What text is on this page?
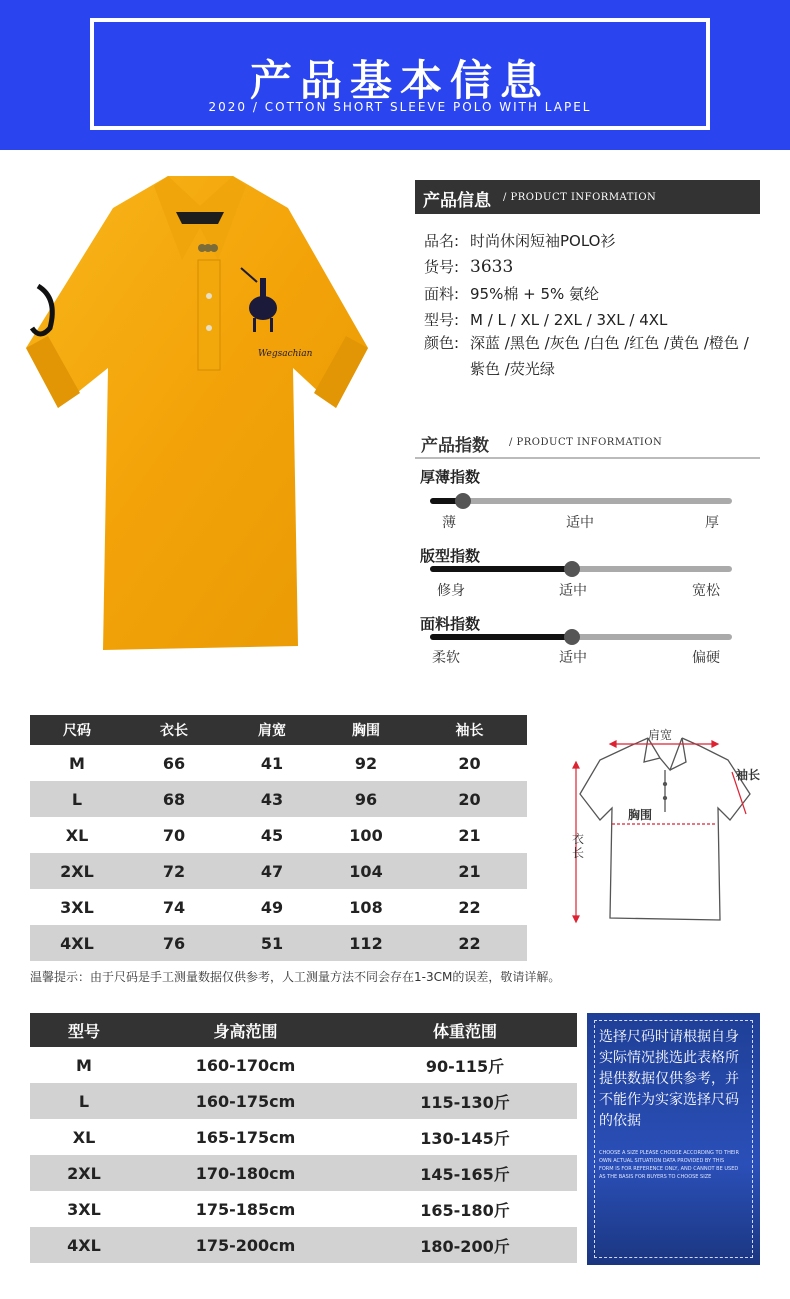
产品基本信息
2020 / COTTON SHORT SLEEVE POLO WITH LAPEL
Wegsachian
产品信息 / PRODUCT INFORMATION
品名: 时尚休闲短袖POLO衫
货号: 3633
面料: 95%棉 + 5% 氨纶
型号: M / L / XL / 2XL / 3XL / 4XL
颜色: 深蓝 /黑色 /灰色 /白色 /红色 /黄色 /橙色 /紫色 /荧光绿
产品指数 / PRODUCT INFORMATION
厚薄指数
薄	适中	厚
版型指数
修身	适中	宽松
面料指数
柔软	适中	偏硬
尺码	衣长	肩宽	胸围	袖长
M	66	41	92	20
L	68	43	96	20
XL	70	45	100	21
2XL	72	47	104	21
3XL	74	49	108	22
4XL	76	51	112	22
温馨提示：由于尺码是手工测量数据仅供参考，人工测量方法不同会存在1-3CM的误差，敬请详解。
肩宽
袖长
胸围
衣长
型号	身高范围	体重范围
M	160-170cm	90-115斤
L	160-175cm	115-130斤
XL	165-175cm	130-145斤
2XL	170-180cm	145-165斤
3XL	175-185cm	165-180斤
4XL	175-200cm	180-200斤
选择尺码时请根据自身实际情况挑选此表格所提供数据仅供参考，并不能作为实家选择尺码的依据
CHOOSE A SIZE PLEASE CHOOSE ACCORDING TO THEIR OWN ACTUAL SITUATION DATA PROVIDED BY THIS FORM IS FOR REFERENCE ONLY, AND CANNOT BE USED AS THE BASIS FOR BUYERS TO CHOOSE SIZE
